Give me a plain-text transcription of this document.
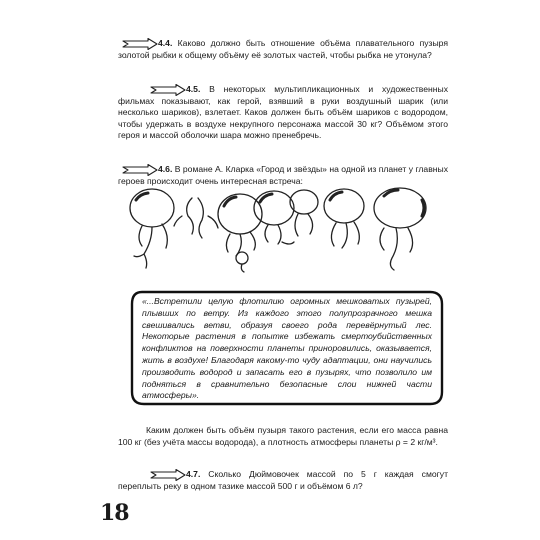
4.4. Каково должно быть отношение объёма плавательного пузыря золотой рыбки к общему объёму её золотых частей, чтобы рыбка не утонула?
4.5. В некоторых мультипликационных и художественных фильмах показывают, как герой, взявший в руки воздушный шарик (или несколько шариков), взлетает. Каков должен быть объём шариков с водородом, чтобы удержать в воздухе некрупного персонажа массой 30 кг? Объёмом этого героя и массой оболочки шара можно пренебречь.
4.6. В романе А. Кларка «Город и звёзды» на одной из планет у главных героев происходит очень интересная встреча:
«...Встретили целую флотилию огромных мешковатых пузырей, плывших по ветру. Из каждого этого полупрозрачного мешка свешивались ветви, образуя своего рода перевёрнутый лес. Некоторые растения в попытке избежать смертоубийственных конфликтов на поверхности планеты приноровились, оказывается, жить в воздухе! Благодаря какому-то чуду адаптации, они научились производить водород и запасать его в пузырях, что позволило им подняться в сравнительно безопасные слои нижней части атмосферы».
Каким должен быть объём пузыря такого растения, если его масса равна 100 кг (без учёта массы водорода), а плотность атмосферы планеты ρ = 2 кг/м³.
4.7. Сколько Дюймовочек массой по 5 г каждая смогут переплыть реку в одном тазике массой 500 г и объёмом 6 л?
18
